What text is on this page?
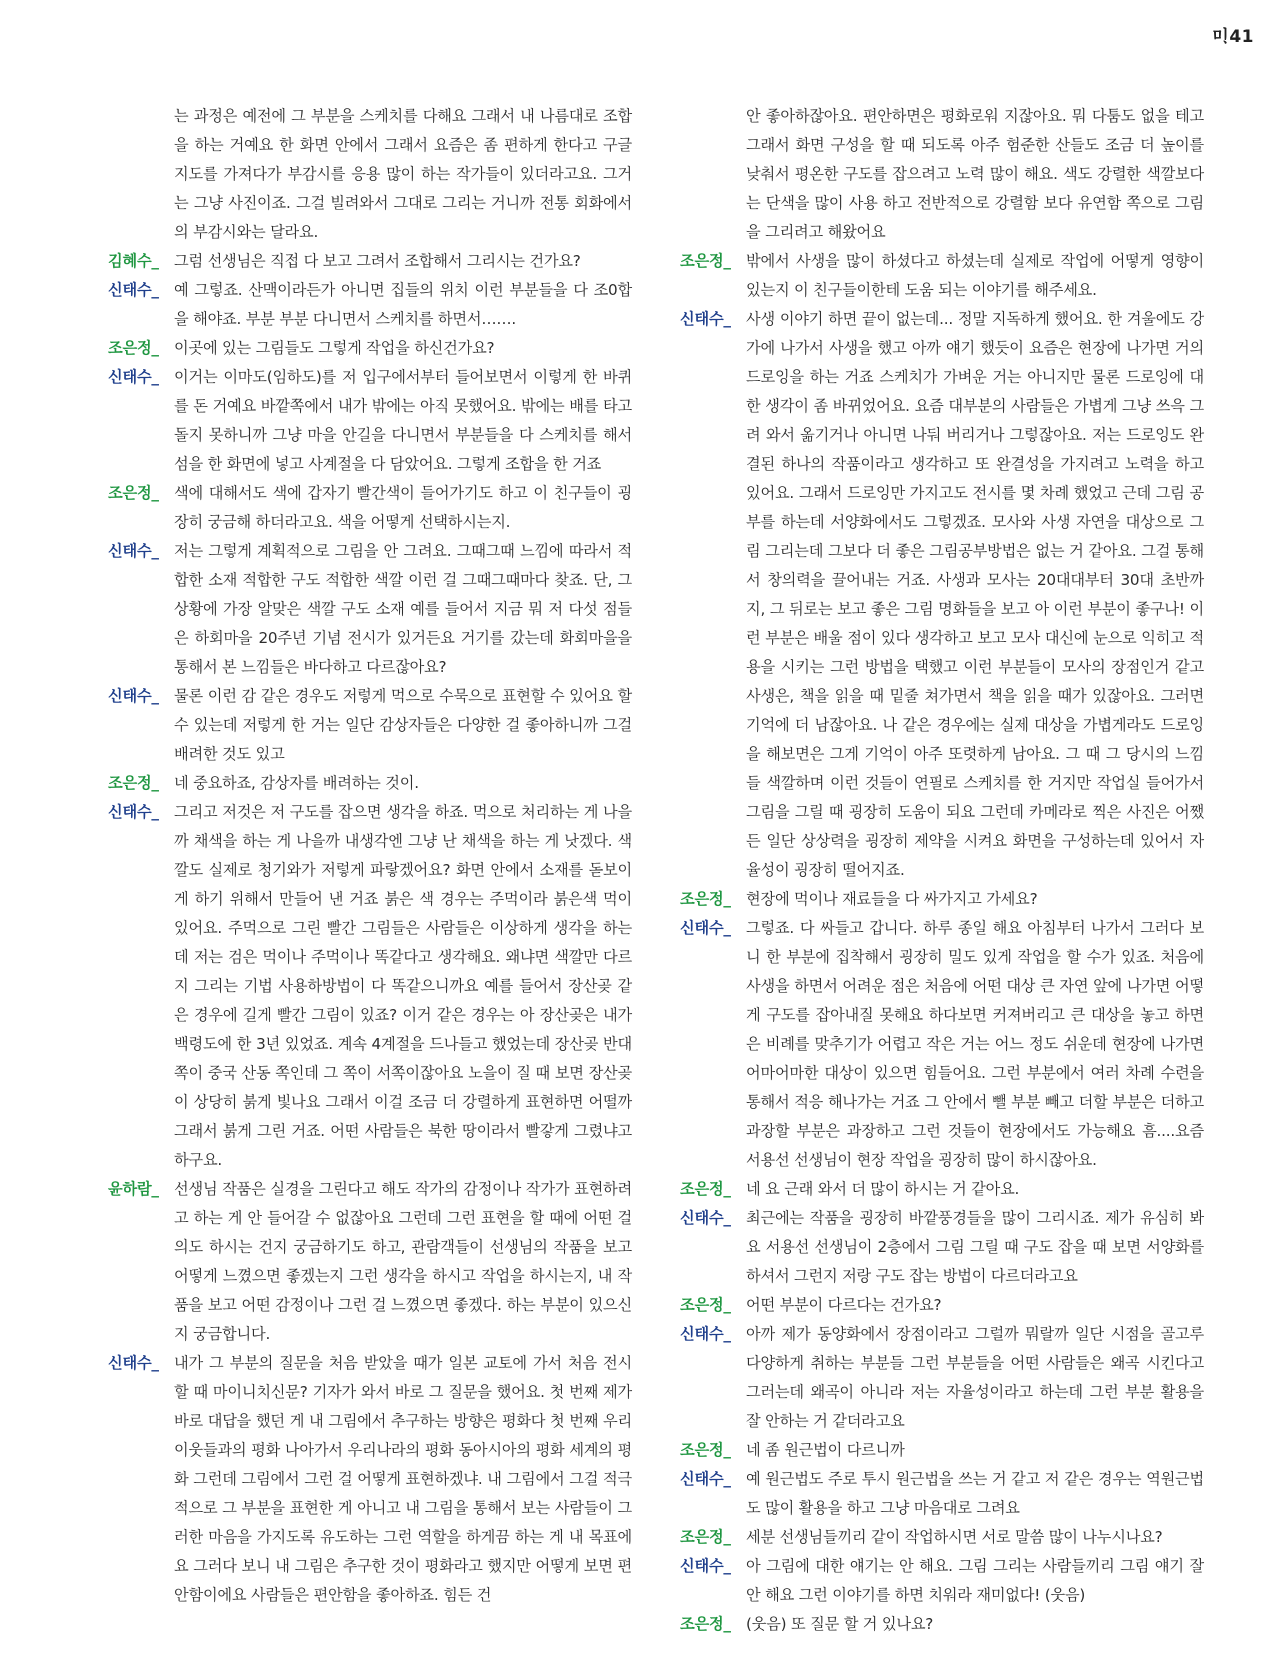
ᄆᆝ41
는 과정은 예전에 그 부분을 스케치를 다해요 그래서 내 나름대로 조합을 하는 거예요 한 화면 안에서 그래서 요즘은 좀 편하게 한다고 구글 지도를 가져다가 부감시를 응용 많이 하는 작가들이 있더라고요. 그거는 그냥 사진이죠. 그걸 빌려와서 그대로 그리는 거니까 전통 회화에서의 부감시와는 달라요.
김혜수_ 그럼 선생님은 직접 다 보고 그려서 조합해서 그리시는 건가요?
신태수_ 예 그렇죠. 산맥이라든가 아니면 집들의 위치 이런 부분들을 다 조0합을 해야죠. 부분 부분 다니면서 스케치를 하면서…….
조은정_ 이곳에 있는 그림들도 그렇게 작업을 하신건가요?
신태수_ 이거는 이마도(임하도)를 저 입구에서부터 들어보면서 이렇게 한 바퀴를 돈 거예요 바깥쪽에서 내가 밖에는 아직 못했어요. 밖에는 배를 타고 돌지 못하니까 그냥 마을 안길을 다니면서 부분들을 다 스케치를 해서 섬을 한 화면에 넣고 사계절을 다 담았어요. 그렇게 조합을 한 거죠
조은정_ 색에 대해서도 색에 갑자기 빨간색이 들어가기도 하고 이 친구들이 굉장히 궁금해 하더라고요. 색을 어떻게 선택하시는지.
신태수_ 저는 그렇게 계획적으로 그림을 안 그려요. 그때그때 느낌에 따라서 적합한 소재 적합한 구도 적합한 색깔 이런 걸 그때그때마다 찾죠. 단, 그 상황에 가장 알맞은 색깔 구도 소재 예를 들어서 지금 뭐 저 다섯 점들은 하회마을 20주년 기념 전시가 있거든요 거기를 갔는데 화회마을을 통해서 본 느낌들은 바다하고 다르잖아요?
신태수_ 물론 이런 감 같은 경우도 저렇게 먹으로 수묵으로 표현할 수 있어요 할 수 있는데 저렇게 한 거는 일단 감상자들은 다양한 걸 좋아하니까 그걸 배려한 것도 있고
조은정_ 네 중요하죠, 감상자를 배려하는 것이.
신태수_ 그리고 저것은 저 구도를 잡으면 생각을 하죠. 먹으로 처리하는 게 나을까 채색을 하는 게 나을까 내생각엔 그냥 난 채색을 하는 게 낫겠다. 색깔도 실제로 청기와가 저렇게 파랗겠어요? 화면 안에서 소재를 돋보이게 하기 위해서 만들어 낸 거죠 붉은 색 경우는 주먹이라 붉은색 먹이 있어요. 주먹으로 그린 빨간 그림들은 사람들은 이상하게 생각을 하는데 저는 검은 먹이나 주먹이나 똑같다고 생각해요. 왜냐면 색깔만 다르지 그리는 기법 사용하방법이 다 똑같으니까요 예를 들어서 장산곶 같은 경우에 길게 빨간 그림이 있죠? 이거 같은 경우는 아 장산곶은 내가 백령도에 한 3년 있었죠. 계속 4계절을 드나들고 했었는데 장산곶 반대쪽이 중국 산동 쪽인데 그 쪽이 서쪽이잖아요 노을이 질 때 보면 장산곶이 상당히 붉게 빛나요 그래서 이걸 조금 더 강렬하게 표현하면 어떨까 그래서 붉게 그린 거죠. 어떤 사람들은 북한 땅이라서 빨갛게 그렸냐고 하구요.
윤하람_ 선생님 작품은 실경을 그린다고 해도 작가의 감정이나 작가가 표현하려고 하는 게 안 들어갈 수 없잖아요 그런데 그런 표현을 할 때에 어떤 걸 의도 하시는 건지 궁금하기도 하고, 관람객들이 선생님의 작품을 보고 어떻게 느꼈으면 좋겠는지 그런 생각을 하시고 작업을 하시는지, 내 작품을 보고 어떤 감정이나 그런 걸 느꼈으면 좋겠다. 하는 부분이 있으신지 궁금합니다.
신태수_ 내가 그 부분의 질문을 처음 받았을 때가 일본 교토에 가서 처음 전시 할 때 마이니치신문? 기자가 와서 바로 그 질문을 했어요. 첫 번째 제가 바로 대답을 했던 게 내 그림에서 추구하는 방향은 평화다 첫 번째 우리 이웃들과의 평화 나아가서 우리나라의 평화 동아시아의 평화 세계의 평화 그런데 그림에서 그런 걸 어떻게 표현하겠냐. 내 그림에서 그걸 적극적으로 그 부분을 표현한 게 아니고 내 그림을 통해서 보는 사람들이 그러한 마음을 가지도록 유도하는 그런 역할을 하게끔 하는 게 내 목표에요 그러다 보니 내 그림은 추구한 것이 평화라고 했지만 어떻게 보면 편안함이에요 사람들은 편안함을 좋아하죠. 힘든 건
안 좋아하잖아요. 편안하면은 평화로워 지잖아요. 뭐 다툼도 없을 테고 그래서 화면 구성을 할 때 되도록 아주 험준한 산들도 조금 더 높이를 낮춰서 평온한 구도를 잡으려고 노력 많이 해요. 색도 강렬한 색깔보다는 단색을 많이 사용 하고 전반적으로 강렬함 보다 유연함 쪽으로 그림을 그리려고 해왔어요
조은정_ 밖에서 사생을 많이 하셨다고 하셨는데 실제로 작업에 어떻게 영향이 있는지 이 친구들이한테 도움 되는 이야기를 해주세요.
신태수_ 사생 이야기 하면 끝이 없는데... 정말 지독하게 했어요. 한 겨울에도 강가에 나가서 사생을 했고 아까 얘기 했듯이 요즘은 현장에 나가면 거의 드로잉을 하는 거죠 스케치가 가벼운 거는 아니지만 물론 드로잉에 대한 생각이 좀 바뀌었어요. 요즘 대부분의 사람들은 가볍게 그냥 쓰윽 그려 와서 옮기거나 아니면 나둬 버리거나 그렇잖아요. 저는 드로잉도 완결된 하나의 작품이라고 생각하고 또 완결성을 가지려고 노력을 하고 있어요. 그래서 드로잉만 가지고도 전시를 몇 차례 했었고 근데 그림 공부를 하는데 서양화에서도 그렇겠죠. 모사와 사생 자연을 대상으로 그림 그리는데 그보다 더 좋은 그림공부방법은 없는 거 같아요. 그걸 통해서 창의력을 끌어내는 거죠. 사생과 모사는 20대대부터 30대 초반까지, 그 뒤로는 보고 좋은 그림 명화들을 보고 아 이런 부분이 좋구나! 이런 부분은 배울 점이 있다 생각하고 보고 모사 대신에 눈으로 익히고 적용을 시키는 그런 방법을 택했고 이런 부분들이 모사의 장점인거 같고 사생은, 책을 읽을 때 밑줄 쳐가면서 책을 읽을 때가 있잖아요. 그러면 기억에 더 남잖아요. 나 같은 경우에는 실제 대상을 가볍게라도 드로잉을 해보면은 그게 기억이 아주 또렷하게 남아요. 그 때 그 당시의 느낌들 색깔하며 이런 것들이 연필로 스케치를 한 거지만 작업실 들어가서 그림을 그릴 때 굉장히 도움이 되요 그런데 카메라로 찍은 사진은 어쨌든 일단 상상력을 굉장히 제약을 시켜요 화면을 구성하는데 있어서 자율성이 굉장히 떨어지죠.
조은정_ 현장에 먹이나 재료들을 다 싸가지고 가세요?
신태수_ 그렇죠. 다 싸들고 갑니다. 하루 종일 해요 아침부터 나가서 그러다 보니 한 부분에 집착해서 굉장히 밀도 있게 작업을 할 수가 있죠. 처음에 사생을 하면서 어려운 점은 처음에 어떤 대상 큰 자연 앞에 나가면 어떻게 구도를 잡아내질 못해요 하다보면 커져버리고 큰 대상을 놓고 하면은 비례를 맞추기가 어렵고 작은 거는 어느 정도 쉬운데 현장에 나가면 어마어마한 대상이 있으면 힘들어요. 그런 부분에서 여러 차례 수련을 통해서 적응 해나가는 거죠 그 안에서 뺄 부분 빼고 더할 부분은 더하고 과장할 부분은 과장하고 그런 것들이 현장에서도 가능해요 흠....요즘 서용선 선생님이 현장 작업을 굉장히 많이 하시잖아요.
조은정_ 네 요 근래 와서 더 많이 하시는 거 같아요.
신태수_ 최근에는 작품을 굉장히 바깥풍경들을 많이 그리시죠. 제가 유심히 봐요 서용선 선생님이 2층에서 그림 그릴 때 구도 잡을 때 보면 서양화를 하셔서 그런지 저랑 구도 잡는 방법이 다르더라고요
조은정_ 어떤 부분이 다르다는 건가요?
신태수_ 아까 제가 동양화에서 장점이라고 그럴까 뭐랄까 일단 시점을 골고루 다양하게 취하는 부분들 그런 부분들을 어떤 사람들은 왜곡 시킨다고 그러는데 왜곡이 아니라 저는 자율성이라고 하는데 그런 부분 활용을 잘 안하는 거 같더라고요
조은정_ 네 좀 원근법이 다르니까
신태수_ 예 원근법도 주로 투시 원근법을 쓰는 거 같고 저 같은 경우는 역원근법도 많이 활용을 하고 그냥 마음대로 그려요
조은정_ 세분 선생님들끼리 같이 작업하시면 서로 말씀 많이 나누시나요?
신태수_ 아 그림에 대한 얘기는 안 해요. 그림 그리는 사람들끼리 그림 얘기 잘 안 해요 그런 이야기를 하면 치워라 재미없다! (웃음)
조은정_ (웃음) 또 질문 할 거 있나요?
